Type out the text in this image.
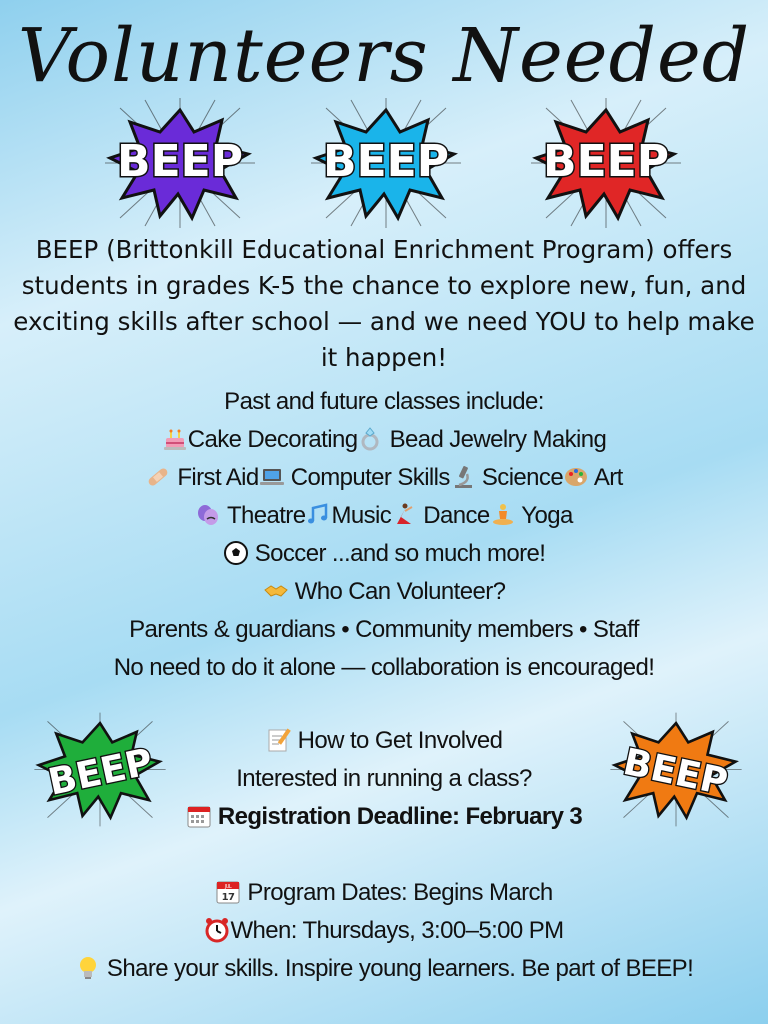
Volunteers Needed
BEEP BEEP BEEP
BEEP	BEEP
BEEP (Brittonkill Educational Enrichment Program) offers students in grades K-5 the chance to explore new, fun, and exciting skills after school — and we need YOU to help make it happen!
Past and future classes include:
Cake Decorating Bead Jewelry Making
First Aid Computer Skills Science Art
Theatre Music Dance Yoga
Soccer ...and so much more!
Who Can Volunteer?
Parents & guardians • Community members • Staff
No need to do it alone — collaboration is encouraged!
How to Get Involved
Interested in running a class?
Registration Deadline: February 3
JUL
17 Program Dates: Begins March
When: Thursdays, 3:00–5:00 PM
Share your skills. Inspire young learners. Be part of BEEP!
